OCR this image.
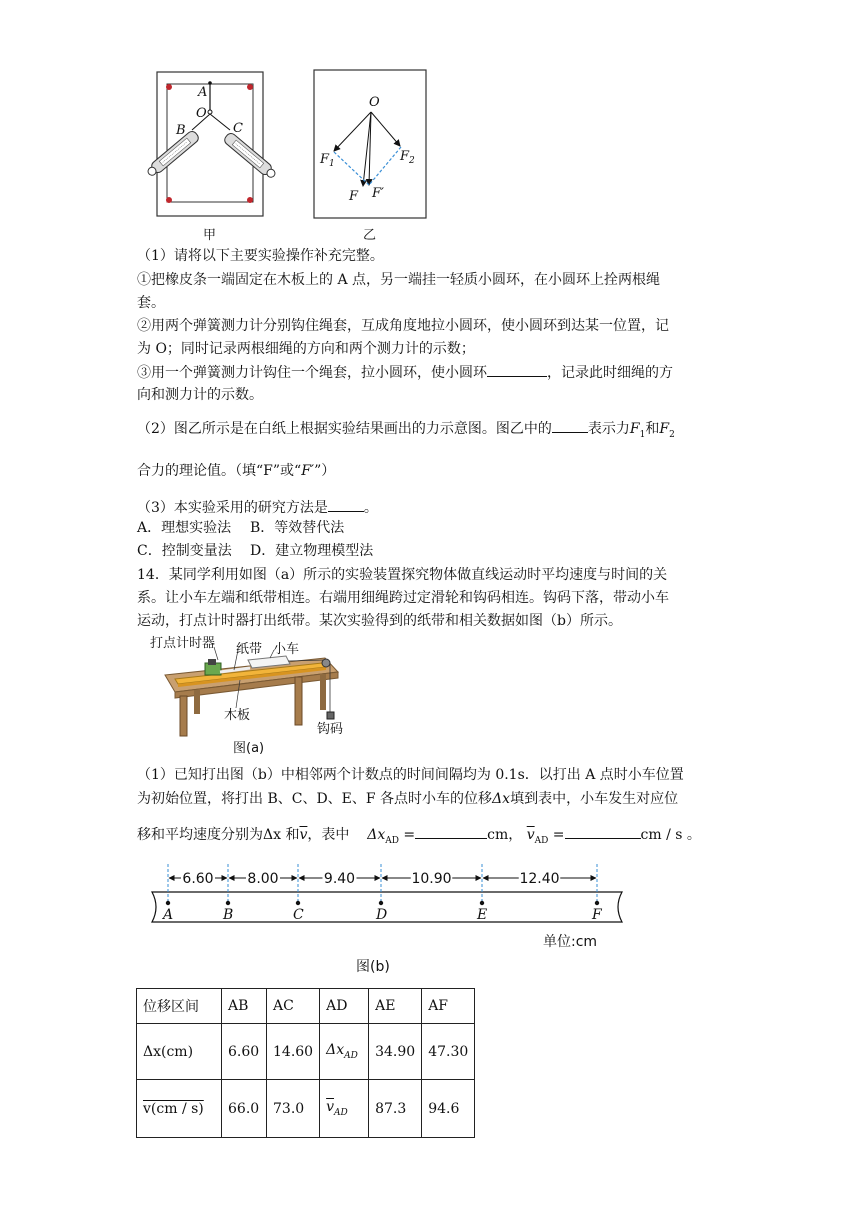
A
O
B	C
甲
O
$F_1$	$F_2$
F F′
乙
（1）请将以下主要实验操作补充完整。
①把橡皮条一端固定在木板上的 A 点，另一端挂一轻质小圆环，在小圆环上拴两根绳
套。
②用两个弹簧测力计分别钩住绳套，互成角度地拉小圆环，使小圆环到达某一位置，记
为 O；同时记录两根细绳的方向和两个测力计的示数；
③用一个弹簧测力计钩住一个绳套，拉小圆环，使小圆环	，记录此时细绳的方
向和测力计的示数。
（2）图乙所示是在白纸上根据实验结果画出的力示意图。图乙中的	表示力$F_1$和$F_2$
合力的理论值。（填“F”或“F′”）
（3）本实验采用的研究方法是	。
A．理想实验法 B．等效替代法
C．控制变量法 D．建立物理模型法
14．某同学利用如图（a）所示的实验装置探究物体做直线运动时平均速度与时间的关
系。让小车左端和纸带相连。右端用细绳跨过定滑轮和钩码相连。钩码下落，带动小车
运动，打点计时器打出纸带。某次实验得到的纸带和相关数据如图（b）所示。
打点计时器 纸带 小车
木板
钩码
图(a)
（1）已知打出图（b）中相邻两个计数点的时间间隔均为 0.1s．以打出 A 点时小车位置
为初始位置，将打出 B、C、D、E、F 各点时小车的位移Δx填到表中，小车发生对应位
移和平均速度分别为Δx 和$\overline{v}$，表中 $\Delta x_{AD}$ =	cm， $\overline{v}_{AD}$ =	cm / s 。
A	B	C	D	E	F
6.60 8.00	9.40	10.90	12.40
单位:cm
图(b)
位移区间	AB	AC	AD	AE	AF
Δx(cm)	6.60	14.60	$\Delta x_{AD}$	34.90	47.30
v(cm / s)	66.0	73.0	$\overline{v}_{AD}$	87.3	94.6
